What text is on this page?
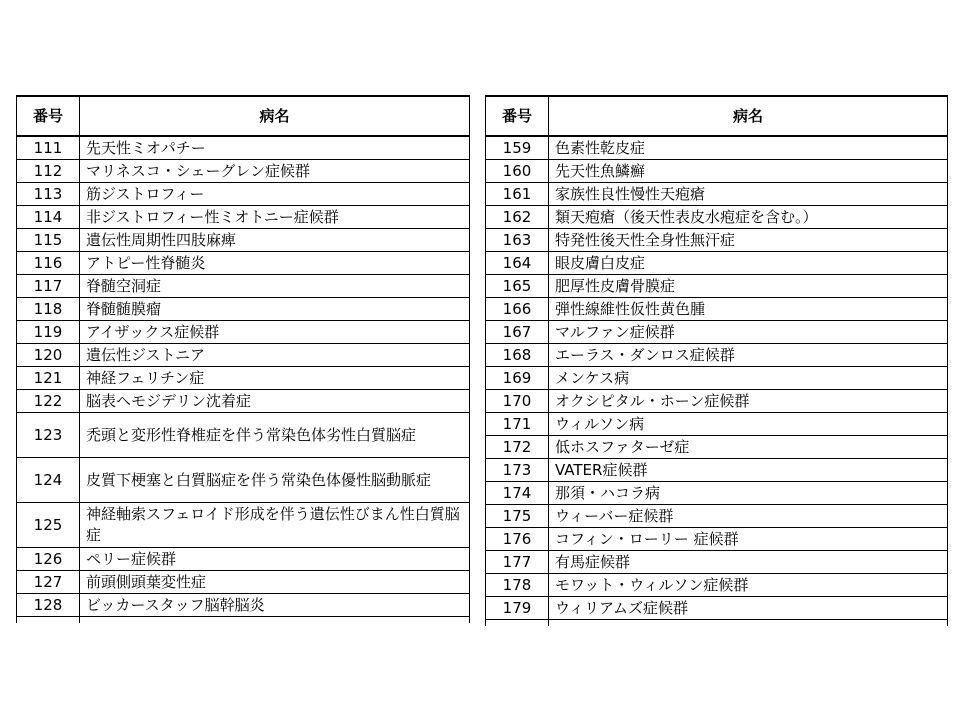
番号	病名
111	先天性ミオパチー
112	マリネスコ・シェーグレン症候群
113	筋ジストロフィー
114	非ジストロフィー性ミオトニー症候群
115	遺伝性周期性四肢麻痺
116	アトピー性脊髄炎
117	脊髄空洞症
118	脊髄髄膜瘤
119	アイザックス症候群
120	遺伝性ジストニア
121	神経フェリチン症
122	脳表ヘモジデリン沈着症
123	禿頭と変形性脊椎症を伴う常染色体劣性白質脳症
124	皮質下梗塞と白質脳症を伴う常染色体優性脳動脈症
125	神経軸索スフェロイド形成を伴う遺伝性びまん性白質脳症
126	ペリー症候群
127	前頭側頭葉変性症
128	ビッカースタッフ脳幹脳炎

番号	病名
159	色素性乾皮症
160	先天性魚鱗癬
161	家族性良性慢性天疱瘡
162	類天疱瘡（後天性表皮水疱症を含む。）
163	特発性後天性全身性無汗症
164	眼皮膚白皮症
165	肥厚性皮膚骨膜症
166	弾性線維性仮性黄色腫
167	マルファン症候群
168	エーラス・ダンロス症候群
169	メンケス病
170	オクシピタル・ホーン症候群
171	ウィルソン病
172	低ホスファターゼ症
173	VATER症候群
174	那須・ハコラ病
175	ウィーバー症候群
176	コフィン・ローリー 症候群
177	有馬症候群
178	モワット・ウィルソン症候群
179	ウィリアムズ症候群
